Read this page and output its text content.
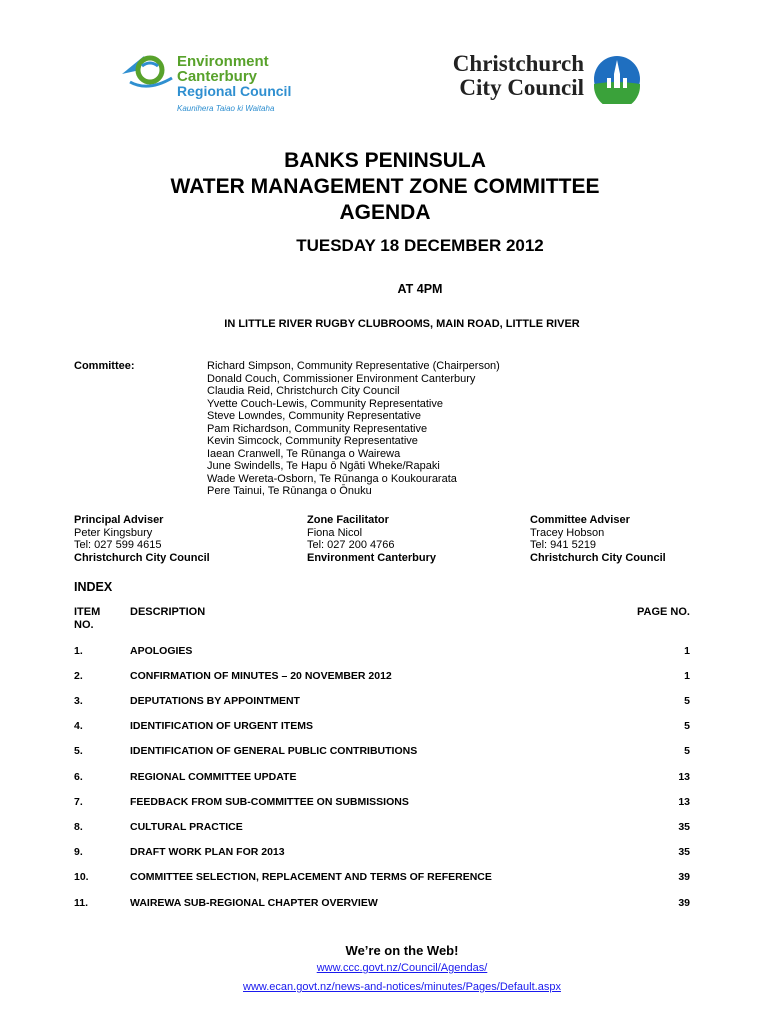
Environment
Canterbury
Regional Council
Kaunihera Taiao ki Waitaha
Christchurch
City Council
BANKS PENINSULA
WATER MANAGEMENT ZONE COMMITTEE
AGENDA
TUESDAY 18 DECEMBER 2012
AT 4PM
IN LITTLE RIVER RUGBY CLUBROOMS, MAIN ROAD, LITTLE RIVER
Committee:	Richard Simpson, Community Representative (Chairperson)
Donald Couch, Commissioner Environment Canterbury
Claudia Reid, Christchurch City Council
Yvette Couch-Lewis, Community Representative
Steve Lowndes, Community Representative
Pam Richardson, Community Representative
Kevin Simcock, Community Representative
Iaean Cranwell, Te Rūnanga o Wairewa
June Swindells, Te Hapu ō Ngāti Wheke/Rapaki
Wade Wereta-Osborn, Te Rūnanga o Koukourarata
Pere Tainui, Te Rūnanga o Ōnuku
Principal Adviser
Peter Kingsbury
Tel: 027 599 4615
Christchurch City Council
Zone Facilitator
Fiona Nicol
Tel: 027 200 4766
Environment Canterbury
Committee Adviser
Tracey Hobson
Tel: 941 5219
Christchurch City Council
INDEX
ITEM NO.
DESCRIPTION	PAGE NO.
1.	APOLOGIES	1
2.	CONFIRMATION OF MINUTES – 20 NOVEMBER 2012	1
3.	DEPUTATIONS BY APPOINTMENT	5
4.	IDENTIFICATION OF URGENT ITEMS	5
5.	IDENTIFICATION OF GENERAL PUBLIC CONTRIBUTIONS	5
6.	REGIONAL COMMITTEE UPDATE	13
7.	FEEDBACK FROM SUB-COMMITTEE ON SUBMISSIONS	13
8.	CULTURAL PRACTICE	35
9.	DRAFT WORK PLAN FOR 2013	35
10.	COMMITTEE SELECTION, REPLACEMENT AND TERMS OF REFERENCE	39
11.	WAIREWA SUB-REGIONAL CHAPTER OVERVIEW	39
We’re on the Web!
www.ccc.govt.nz/Council/Agendas/
www.ecan.govt.nz/news-and-notices/minutes/Pages/Default.aspx
